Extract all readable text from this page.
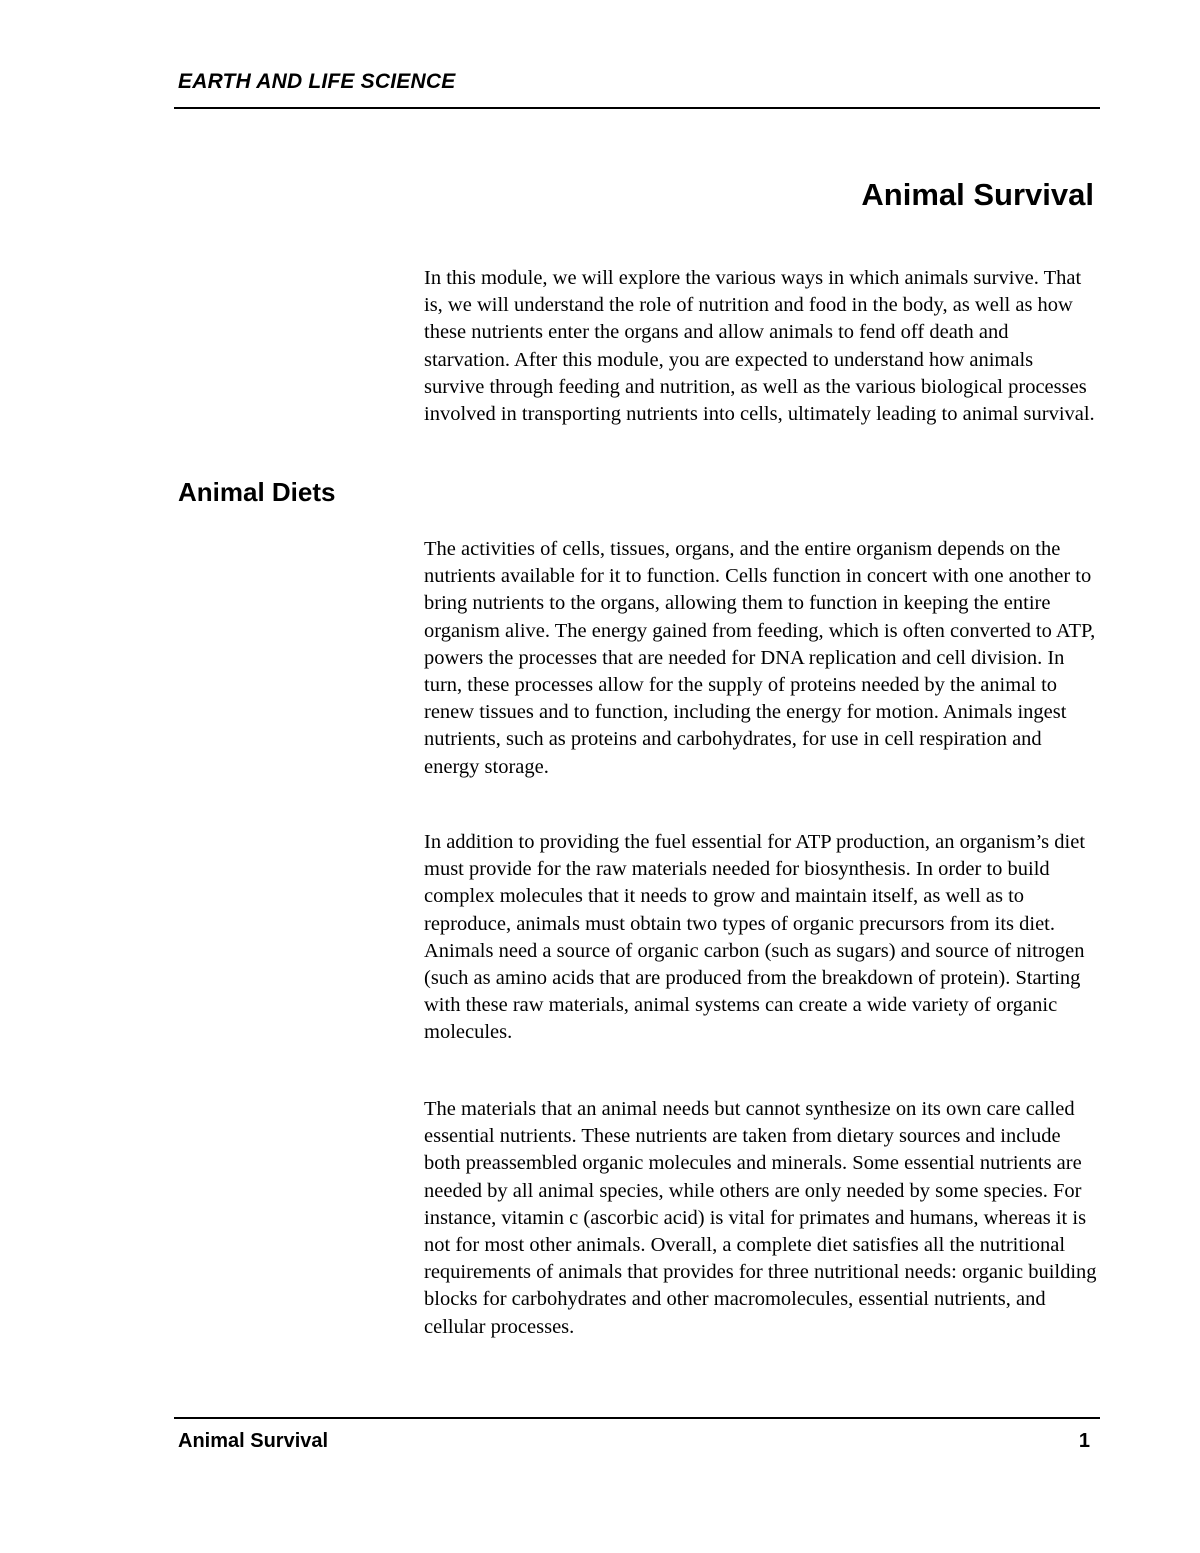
EARTH AND LIFE SCIENCE
Animal Survival

In this module, we will explore the various ways in which animals survive. That is, we will understand the role of nutrition and food in the body, as well as how these nutrients enter the organs and allow animals to fend off death and starvation. After this module, you are expected to understand how animals survive through feeding and nutrition, as well as the various biological processes involved in transporting nutrients into cells, ultimately leading to animal survival.

Animal Diets

The activities of cells, tissues, organs, and the entire organism depends on the nutrients available for it to function. Cells function in concert with one another to bring nutrients to the organs, allowing them to function in keeping the entire organism alive. The energy gained from feeding, which is often converted to ATP, powers the processes that are needed for DNA replication and cell division. In turn, these processes allow for the supply of proteins needed by the animal to renew tissues and to function, including the energy for motion. Animals ingest nutrients, such as proteins and carbohydrates, for use in cell respiration and energy storage.

In addition to providing the fuel essential for ATP production, an organism’s diet must provide for the raw materials needed for biosynthesis. In order to build complex molecules that it needs to grow and maintain itself, as well as to reproduce, animals must obtain two types of organic precursors from its diet. Animals need a source of organic carbon (such as sugars) and source of nitrogen (such as amino acids that are produced from the breakdown of protein). Starting with these raw materials, animal systems can create a wide variety of organic molecules.

The materials that an animal needs but cannot synthesize on its own care called essential nutrients. These nutrients are taken from dietary sources and include both preassembled organic molecules and minerals. Some essential nutrients are needed by all animal species, while others are only needed by some species. For instance, vitamin c (ascorbic acid) is vital for primates and humans, whereas it is not for most other animals. Overall, a complete diet satisfies all the nutritional requirements of animals that provides for three nutritional needs: organic building blocks for carbohydrates and other macromolecules, essential nutrients, and cellular processes.

Animal Survival	1
